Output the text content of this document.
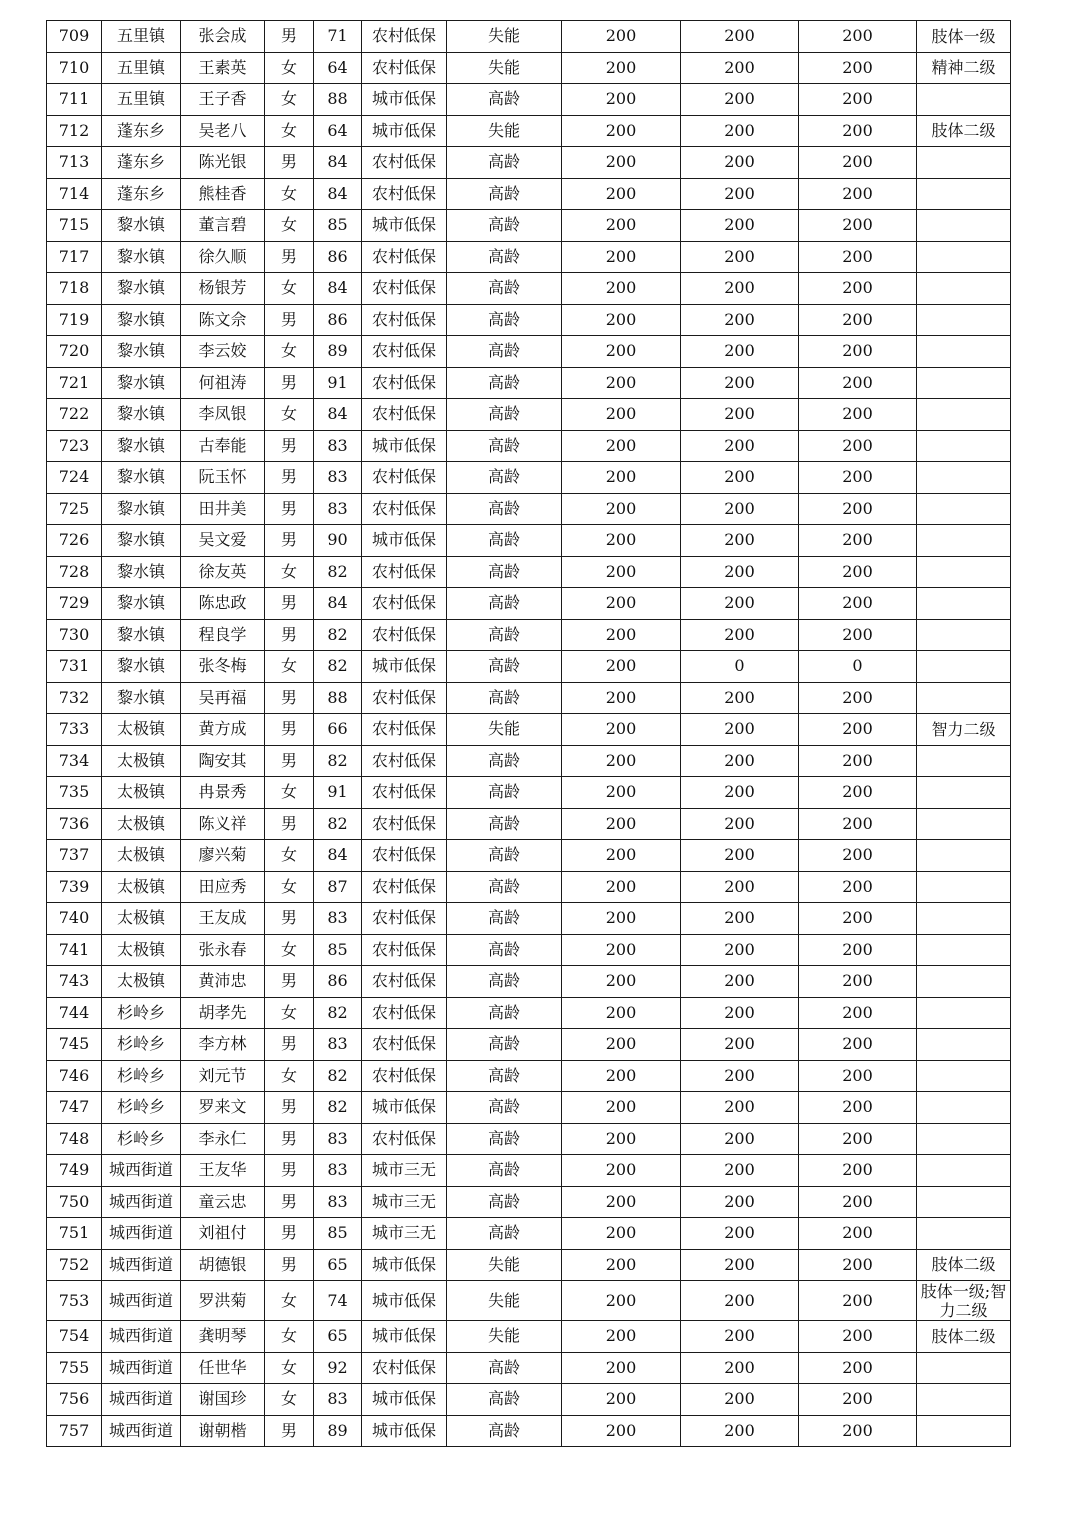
709	五里镇	张会成	男	71	农村低保	失能	200	200	200	肢体一级
710	五里镇	王素英	女	64	农村低保	失能	200	200	200	精神二级
711	五里镇	王子香	女	88	城市低保	高龄	200	200	200	
712	蓬东乡	吴老八	女	64	城市低保	失能	200	200	200	肢体二级
713	蓬东乡	陈光银	男	84	农村低保	高龄	200	200	200	
714	蓬东乡	熊桂香	女	84	农村低保	高龄	200	200	200	
715	黎水镇	董言碧	女	85	城市低保	高龄	200	200	200	
717	黎水镇	徐久顺	男	86	农村低保	高龄	200	200	200	
718	黎水镇	杨银芳	女	84	农村低保	高龄	200	200	200	
719	黎水镇	陈文佘	男	86	农村低保	高龄	200	200	200	
720	黎水镇	李云姣	女	89	农村低保	高龄	200	200	200	
721	黎水镇	何祖涛	男	91	农村低保	高龄	200	200	200	
722	黎水镇	李凤银	女	84	农村低保	高龄	200	200	200	
723	黎水镇	古奉能	男	83	城市低保	高龄	200	200	200	
724	黎水镇	阮玉怀	男	83	农村低保	高龄	200	200	200	
725	黎水镇	田井美	男	83	农村低保	高龄	200	200	200	
726	黎水镇	吴文爱	男	90	城市低保	高龄	200	200	200	
728	黎水镇	徐友英	女	82	农村低保	高龄	200	200	200	
729	黎水镇	陈忠政	男	84	农村低保	高龄	200	200	200	
730	黎水镇	程良学	男	82	农村低保	高龄	200	200	200	
731	黎水镇	张冬梅	女	82	城市低保	高龄	200	0	0	
732	黎水镇	吴再福	男	88	农村低保	高龄	200	200	200	
733	太极镇	黄方成	男	66	农村低保	失能	200	200	200	智力二级
734	太极镇	陶安其	男	82	农村低保	高龄	200	200	200	
735	太极镇	冉景秀	女	91	农村低保	高龄	200	200	200	
736	太极镇	陈义祥	男	82	农村低保	高龄	200	200	200	
737	太极镇	廖兴菊	女	84	农村低保	高龄	200	200	200	
739	太极镇	田应秀	女	87	农村低保	高龄	200	200	200	
740	太极镇	王友成	男	83	农村低保	高龄	200	200	200	
741	太极镇	张永春	女	85	农村低保	高龄	200	200	200	
743	太极镇	黄沛忠	男	86	农村低保	高龄	200	200	200	
744	杉岭乡	胡孝先	女	82	农村低保	高龄	200	200	200	
745	杉岭乡	李方林	男	83	农村低保	高龄	200	200	200	
746	杉岭乡	刘元节	女	82	农村低保	高龄	200	200	200	
747	杉岭乡	罗来文	男	82	城市低保	高龄	200	200	200	
748	杉岭乡	李永仁	男	83	农村低保	高龄	200	200	200	
749	城西街道	王友华	男	83	城市三无	高龄	200	200	200	
750	城西街道	童云忠	男	83	城市三无	高龄	200	200	200	
751	城西街道	刘祖付	男	85	城市三无	高龄	200	200	200	
752	城西街道	胡德银	男	65	城市低保	失能	200	200	200	肢体二级
753	城西街道	罗洪菊	女	74	城市低保	失能	200	200	200	肢体一级;智力二级
754	城西街道	龚明琴	女	65	城市低保	失能	200	200	200	肢体二级
755	城西街道	任世华	女	92	农村低保	高龄	200	200	200	
756	城西街道	谢国珍	女	83	城市低保	高龄	200	200	200	
757	城西街道	谢朝楷	男	89	城市低保	高龄	200	200	200	
